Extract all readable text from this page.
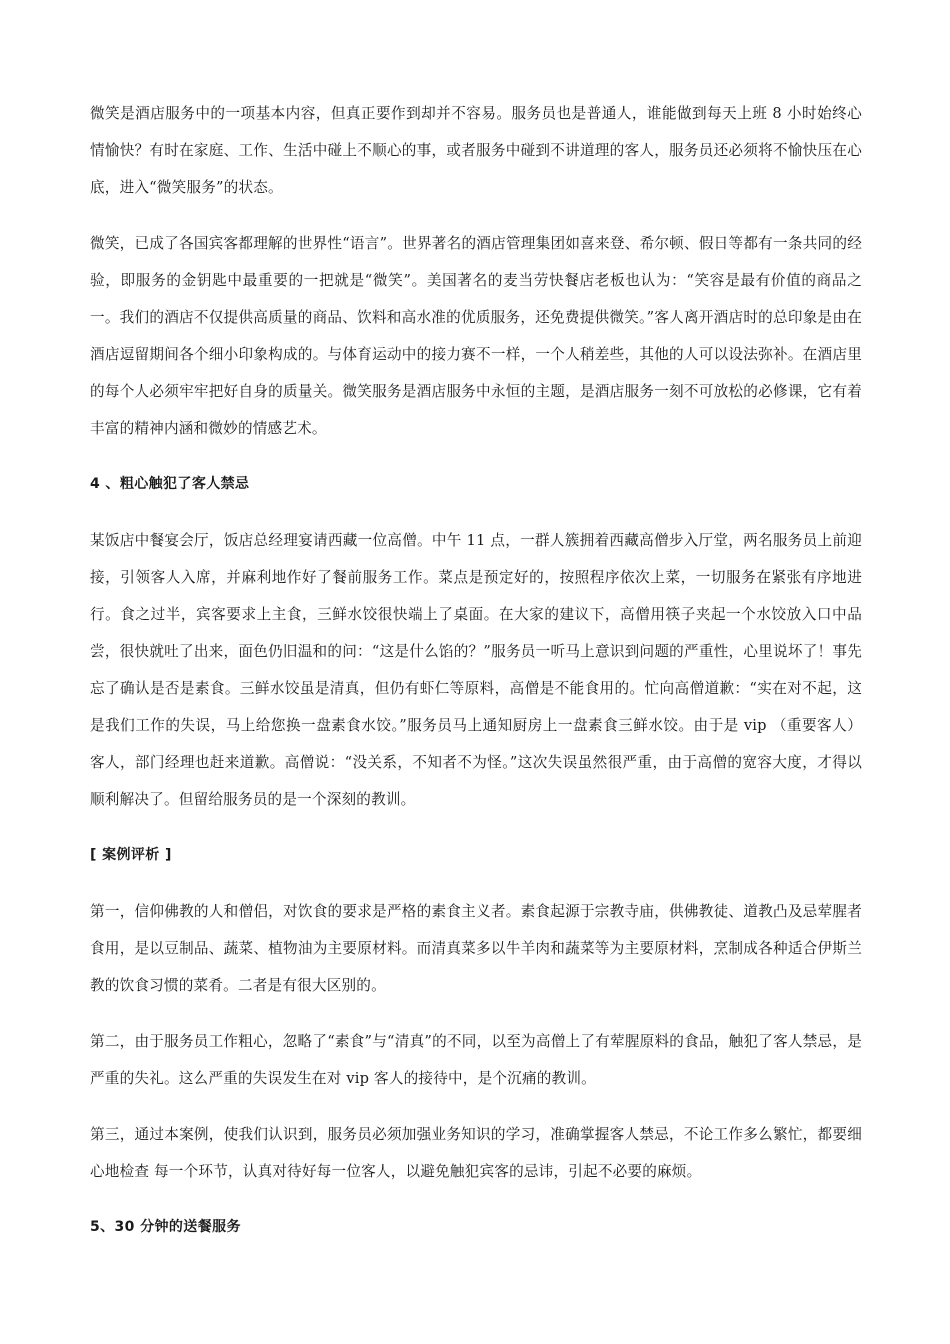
微笑是酒店服务中的一项基本内容，但真正要作到却并不容易。服务员也是普通人，谁能做到每天上班 8 小时始终心情愉快？有时在家庭、工作、生活中碰上不顺心的事，或者服务中碰到不讲道理的客人，服务员还必须将不愉快压在心底，进入“微笑服务”的状态。

微笑，已成了各国宾客都理解的世界性“语言”。世界著名的酒店管理集团如喜来登、希尔顿、假日等都有一条共同的经验，即服务的金钥匙中最重要的一把就是“微笑”。美国著名的麦当劳快餐店老板也认为：“笑容是最有价值的商品之一。我们的酒店不仅提供高质量的商品、饮料和高水准的优质服务，还免费提供微笑。”客人离开酒店时的总印象是由在酒店逗留期间各个细小印象构成的。与体育运动中的接力赛不一样，一个人稍差些，其他的人可以设法弥补。在酒店里的每个人必须牢牢把好自身的质量关。微笑服务是酒店服务中永恒的主题，是酒店服务一刻不可放松的必修课，它有着丰富的精神内涵和微妙的情感艺术。

4 、粗心触犯了客人禁忌

某饭店中餐宴会厅，饭店总经理宴请西藏一位高僧。中午 11 点，一群人簇拥着西藏高僧步入厅堂，两名服务员上前迎接，引领客人入席，并麻利地作好了餐前服务工作。菜点是预定好的，按照程序依次上菜，一切服务在紧张有序地进行。食之过半，宾客要求上主食，三鲜水饺很快端上了桌面。在大家的建议下，高僧用筷子夹起一个水饺放入口中品尝，很快就吐了出来，面色仍旧温和的问：“这是什么馅的？”服务员一听马上意识到问题的严重性，心里说坏了！事先忘了确认是否是素食。三鲜水饺虽是清真，但仍有虾仁等原料，高僧是不能食用的。忙向高僧道歉：“实在对不起，这是我们工作的失误，马上给您换一盘素食水饺。”服务员马上通知厨房上一盘素食三鲜水饺。由于是 vip （重要客人）客人，部门经理也赶来道歉。高僧说：“没关系，不知者不为怪。”这次失误虽然很严重，由于高僧的宽容大度，才得以顺利解决了。但留给服务员的是一个深刻的教训。

[ 案例评析 ]

第一，信仰佛教的人和僧侣，对饮食的要求是严格的素食主义者。素食起源于宗教寺庙，供佛教徒、道教凸及忌荤腥者食用，是以豆制品、蔬菜、植物油为主要原材料。而清真菜多以牛羊肉和蔬菜等为主要原材料，烹制成各种适合伊斯兰教的饮食习惯的菜肴。二者是有很大区别的。

第二，由于服务员工作粗心，忽略了“素食”与“清真”的不同，以至为高僧上了有荤腥原料的食品，触犯了客人禁忌，是严重的失礼。这么严重的失误发生在对 vip 客人的接待中，是个沉痛的教训。

第三，通过本案例，使我们认识到，服务员必须加强业务知识的学习，准确掌握客人禁忌，不论工作多么繁忙，都要细心地检查 每一个环节，认真对待好每一位客人，以避免触犯宾客的忌讳，引起不必要的麻烦。

5、30 分钟的送餐服务
